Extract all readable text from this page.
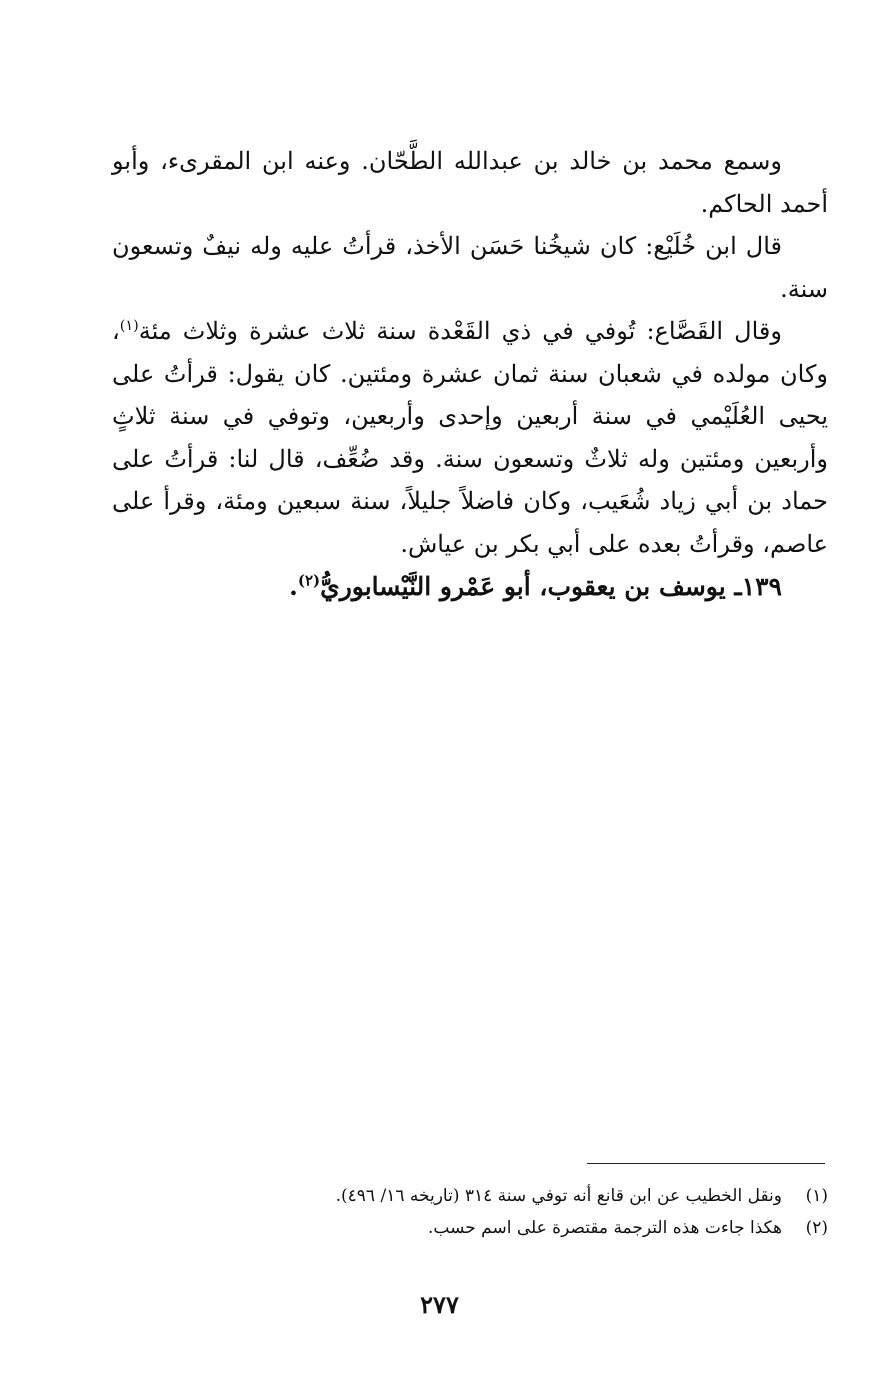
وسمع محمد بن خالد بن عبدالله الطَّحّان. وعنه ابن المقرىء، وأبو أحمد الحاكم.

قال ابن خُلَيْع: كان شيخُنا حَسَن الأخذ، قرأتُ عليه وله نيفٌ وتسعون سنة.

وقال القَصَّاع: تُوفي في ذي القَعْدة سنة ثلاث عشرة وثلاث مئة$^{(١)}$، وكان مولده في شعبان سنة ثمان عشرة ومئتين. كان يقول: قرأتُ على يحيى العُلَيْمي في سنة أربعين وإحدى وأربعين، وتوفي في سنة ثلاثٍ وأربعين ومئتين وله ثلاثٌ وتسعون سنة. وقد ضُعِّف، قال لنا: قرأتُ على حماد بن أبي زياد شُعَيب، وكان فاضلاً جليلاً، سنة سبعين ومئة، وقرأ على عاصم، وقرأتُ بعده على أبي بكر بن عياش.

١٣٩ـ يوسف بن يعقوب، أبو عَمْرو النَّيْسابوريُّ$^{(٢)}$.

(١)ونقل الخطيب عن ابن قانع أنه توفي سنة ٣١٤ (تاريخه ١٦/ ٤٩٦).

(٢)هكذا جاءت هذه الترجمة مقتصرة على اسم حسب.

٢٧٧
